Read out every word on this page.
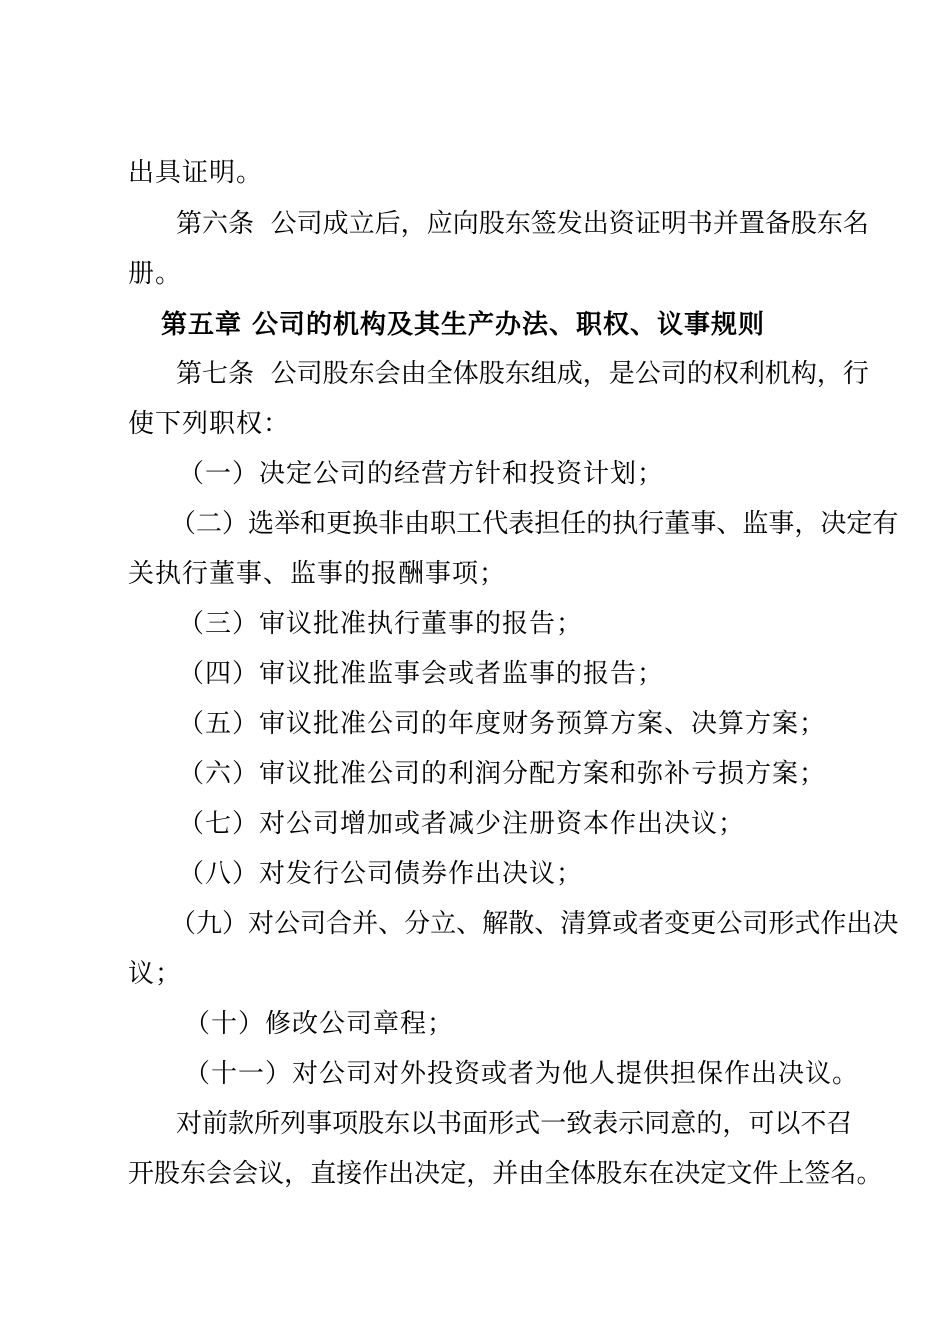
出具证明。
第 六 条

公 司 成 立 后 ， 应 向 股 东 签 发 出 资 证 明 书 并 置 备 股 东 名
册。
第五章 公司的机构及其生产办法、职权、议事规则
第 七 条

公 司 股 东 会 由 全 体 股 东 组 成 ， 是 公 司 的 权 利 机 构 ， 行
使下列职权：
（一）决定公司的经营方针和投资计划；
（ 二 ） 选 举 和 更 换 非 由 职 工 代 表 担 任 的 执 行 董 事 、 监 事 ， 决 定 有
关执行董事、监事的报酬事项；
（三）审议批准执行董事的报告；
（四）审议批准监事会或者监事的报告；
（五）审议批准公司的年度财务预算方案、决算方案；
（六）审议批准公司的利润分配方案和弥补亏损方案；
（七）对公司增加或者减少注册资本作出决议；
（八）对发行公司债券作出决议；
（ 九 ） 对 公 司 合 并 、 分 立 、 解 散 、 清 算 或 者 变 更 公 司 形 式 作 出 决
议；
（十）修改公司章程；
（十一）对公司对外投资或者为他人提供担保作出决议。
对 前 款 所 列 事 项 股 东 以 书 面 形 式 一 致 表 示 同 意 的 ， 可 以 不 召
开 股 东 会 会 议 ， 直 接 作 出 决 定 ， 并 由 全 体 股 东 在 决 定 文 件 上 签 名 。
